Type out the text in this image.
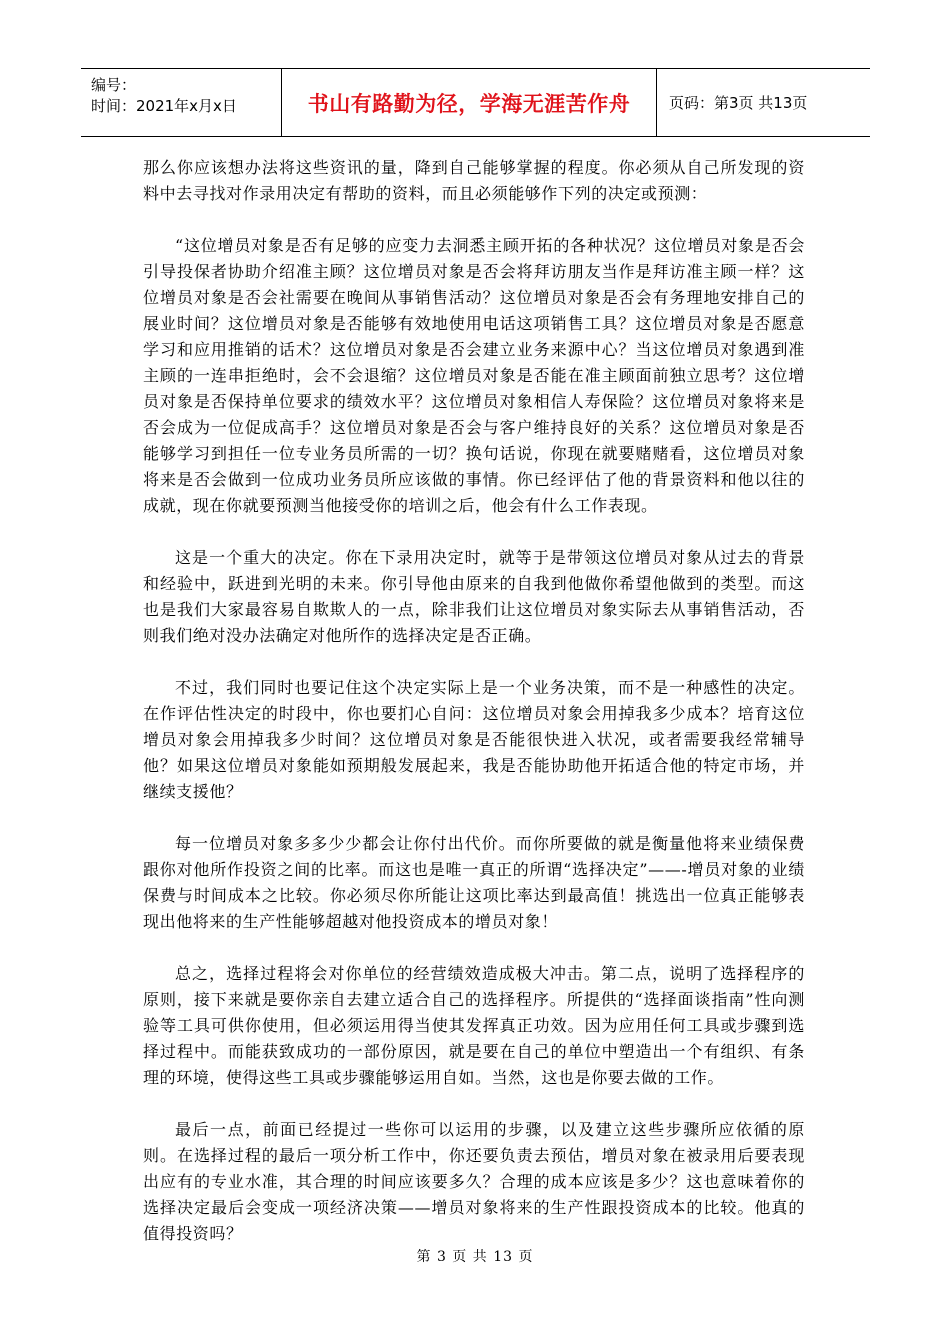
编号：
时间：2021年x月x日	书山有路勤为径，学海无涯苦作舟	页码：第3页 共13页

那么你应该想办法将这些资讯的量，降到自己能够掌握的程度。你必须从自己所发现的资料中去寻找对作录用决定有帮助的资料，而且必须能够作下列的决定或预测：

“这位增员对象是否有足够的应变力去洞悉主顾开拓的各种状况？这位增员对象是否会引导投保者协助介绍准主顾？这位增员对象是否会将拜访朋友当作是拜访准主顾一样？这位增员对象是否会社需要在晚间从事销售活动？这位增员对象是否会有务理地安排自己的展业时间？这位增员对象是否能够有效地使用电话这项销售工具？这位增员对象是否愿意学习和应用推销的话术？这位增员对象是否会建立业务来源中心？当这位增员对象遇到准主顾的一连串拒绝时，会不会退缩？这位增员对象是否能在准主顾面前独立思考？这位增员对象是否保持单位要求的绩效水平？这位增员对象相信人寿保险？这位增员对象将来是否会成为一位促成高手？这位增员对象是否会与客户维持良好的关系？这位增员对象是否能够学习到担任一位专业务员所需的一切？换句话说，你现在就要赌赌看，这位增员对象将来是否会做到一位成功业务员所应该做的事情。你已经评估了他的背景资料和他以往的成就，现在你就要预测当他接受你的培训之后，他会有什么工作表现。

这是一个重大的决定。你在下录用决定时，就等于是带领这位增员对象从过去的背景和经验中，跃进到光明的未来。你引导他由原来的自我到他做你希望他做到的类型。而这也是我们大家最容易自欺欺人的一点，除非我们让这位增员对象实际去从事销售活动，否则我们绝对没办法确定对他所作的选择决定是否正确。

不过，我们同时也要记住这个决定实际上是一个业务决策，而不是一种感性的决定。在作评估性决定的时段中，你也要扪心自问：这位增员对象会用掉我多少成本？培育这位增员对象会用掉我多少时间？这位增员对象是否能很快进入状况，或者需要我经常辅导他？如果这位增员对象能如预期般发展起来，我是否能协助他开拓适合他的特定市场，并继续支援他？

每一位增员对象多多少少都会让你付出代价。而你所要做的就是衡量他将来业绩保费跟你对他所作投资之间的比率。而这也是唯一真正的所谓“选择决定”——-增员对象的业绩保费与时间成本之比较。你必须尽你所能让这项比率达到最高值！挑选出一位真正能够表现出他将来的生产性能够超越对他投资成本的增员对象！

总之，选择过程将会对你单位的经营绩效造成极大冲击。第二点，说明了选择程序的原则，接下来就是要你亲自去建立适合自己的选择程序。所提供的“选择面谈指南”性向测验等工具可供你使用，但必须运用得当使其发挥真正功效。因为应用任何工具或步骤到选择过程中。而能获致成功的一部份原因，就是要在自己的单位中塑造出一个有组织、有条理的环境，使得这些工具或步骤能够运用自如。当然，这也是你要去做的工作。

最后一点，前面已经提过一些你可以运用的步骤，以及建立这些步骤所应依循的原则。在选择过程的最后一项分析工作中，你还要负责去预估，增员对象在被录用后要表现出应有的专业水准，其合理的时间应该要多久？合理的成本应该是多少？这也意味着你的选择决定最后会变成一项经济决策——增员对象将来的生产性跟投资成本的比较。他真的值得投资吗？

第 3 页 共 13 页
